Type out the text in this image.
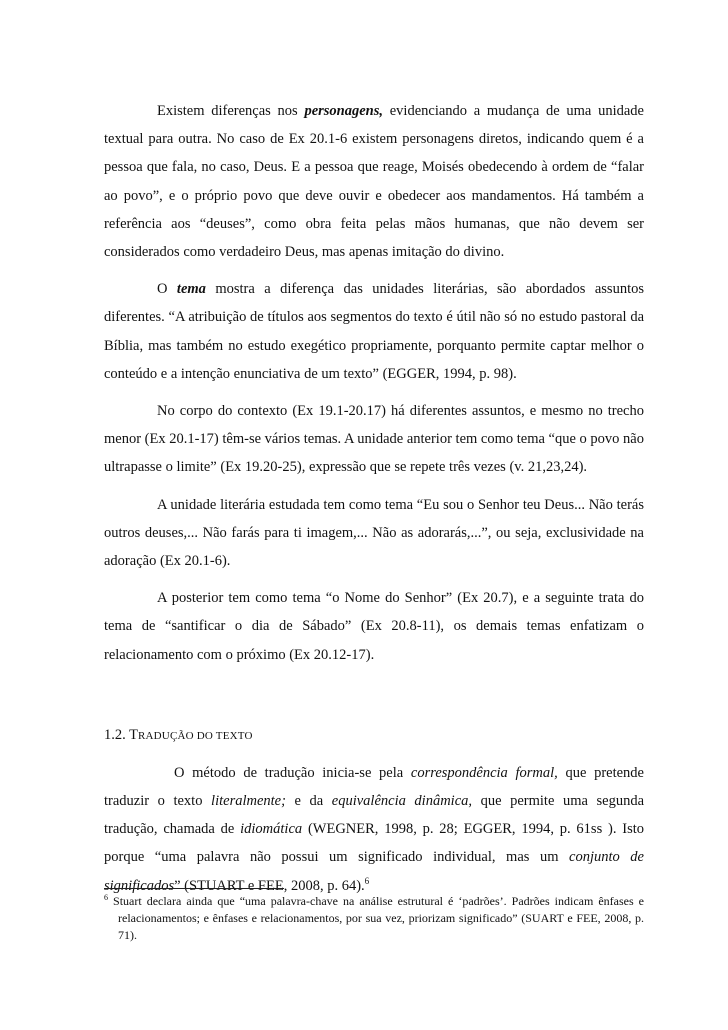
Existem diferenças nos personagens, evidenciando a mudança de uma unidade textual para outra. No caso de Ex 20.1-6 existem personagens diretos, indicando quem é a pessoa que fala, no caso, Deus. E a pessoa que reage, Moisés obedecendo à ordem de “falar ao povo”, e o próprio povo que deve ouvir e obedecer aos mandamentos. Há também a referência aos “deuses”, como obra feita pelas mãos humanas, que não devem ser considerados como verdadeiro Deus, mas apenas imitação do divino.

O tema mostra a diferença das unidades literárias, são abordados assuntos diferentes. “A atribuição de títulos aos segmentos do texto é útil não só no estudo pastoral da Bíblia, mas também no estudo exegético propriamente, porquanto permite captar melhor o conteúdo e a intenção enunciativa de um texto” (EGGER, 1994, p. 98).

No corpo do contexto (Ex 19.1-20.17) há diferentes assuntos, e mesmo no trecho menor (Ex 20.1-17) têm-se vários temas. A unidade anterior tem como tema “que o povo não ultrapasse o limite” (Ex 19.20-25), expressão que se repete três vezes (v. 21,23,24).

A unidade literária estudada tem como tema “Eu sou o Senhor teu Deus... Não terás outros deuses,... Não farás para ti imagem,... Não as adorarás,...”, ou seja, exclusividade na adoração (Ex 20.1-6).

A posterior tem como tema “o Nome do Senhor” (Ex 20.7), e a seguinte trata do tema de “santificar o dia de Sábado” (Ex 20.8-11), os demais temas enfatizam o relacionamento com o próximo (Ex 20.12-17).

1.2. TRADUÇÃO DO TEXTO

O método de tradução inicia-se pela correspondência formal, que pretende traduzir o texto literalmente; e da equivalência dinâmica, que permite uma segunda tradução, chamada de idiomática (WEGNER, 1998, p. 28; EGGER, 1994, p. 61ss ). Isto porque “uma palavra não possui um significado individual, mas um conjunto de significados” (STUART e FEE, 2008, p. 64).$^6$

$^6$ Stuart declara ainda que “uma palavra-chave na análise estrutural é ‘padrões’. Padrões indicam ênfases e relacionamentos; e ênfases e relacionamentos, por sua vez, priorizam significado” (SUART e FEE, 2008, p. 71).
